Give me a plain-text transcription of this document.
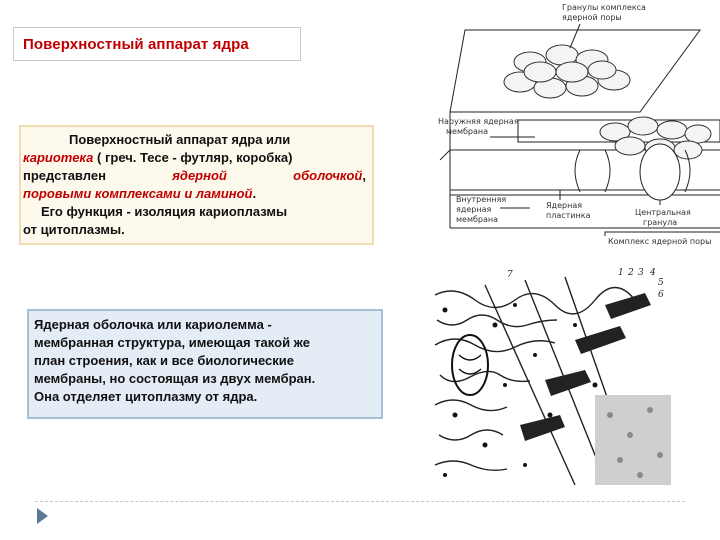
Поверхностный аппарат ядра
Поверхностный аппарат ядра или
кариотека ( греч. Тесе - футляр, коробка)
представлен ядерной оболочкой,
поровыми комплексами и ламиной.
Его функция - изоляция кариоплазмы
от цитоплазмы.
Ядерная оболочка или кариолемма -
мембранная структура, имеющая такой же
план строения, как и все биологические
мембраны, но состоящая из двух мембран.
Она отделяет цитоплазму от ядра.
Гранулы комплекса
ядерной поры
Наружняя ядерная
мембрана
Внутренняя
ядерная
мембрана
Ядерная
пластинка	Центральная
гранула
Комплекс ядерной поры
7	1 2 3 4
5
6
